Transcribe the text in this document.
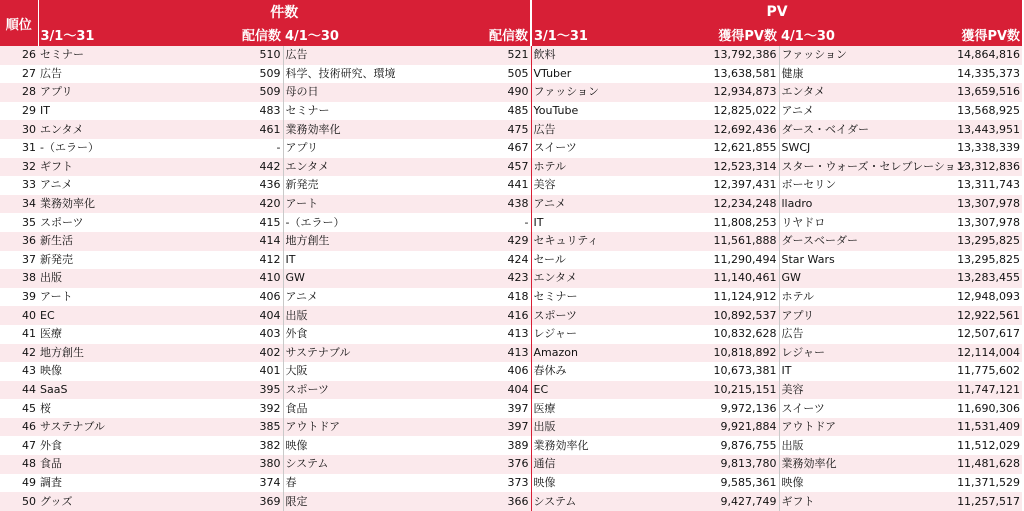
順位	件数				PV			
	3/1～31	配信数	4/1～30	配信数	3/1～31	獲得PV数	4/1～30	獲得PV数
26	セミナー	510	広告	521	飲料	13,792,386	ファッション	14,864,816
27	広告	509	科学、技術研究、環境	505	VTuber	13,638,581	健康	14,335,373
28	アプリ	509	母の日	490	ファッション	12,934,873	エンタメ	13,659,516
29	IT	483	セミナー	485	YouTube	12,825,022	アニメ	13,568,925
30	エンタメ	461	業務効率化	475	広告	12,692,436	ダース・ベイダー	13,443,951
31	-（エラー）	-	アプリ	467	スイーツ	12,621,855	SWCJ	13,338,339
32	ギフト	442	エンタメ	457	ホテル	12,523,314	スター・ウォーズ・セレブレーション	13,312,836
33	アニメ	436	新発売	441	美容	12,397,431	ボーセリン	13,311,743
34	業務効率化	420	アート	438	アニメ	12,234,248	lladro	13,307,978
35	スポーツ	415	-（エラー）	-	IT	11,808,253	リヤドロ	13,307,978
36	新生活	414	地方創生	429	セキュリティ	11,561,888	ダースベーダー	13,295,825
37	新発売	412	IT	424	セール	11,290,494	Star Wars	13,295,825
38	出版	410	GW	423	エンタメ	11,140,461	GW	13,283,455
39	アート	406	アニメ	418	セミナー	11,124,912	ホテル	12,948,093
40	EC	404	出版	416	スポーツ	10,892,537	アプリ	12,922,561
41	医療	403	外食	413	レジャー	10,832,628	広告	12,507,617
42	地方創生	402	サステナブル	413	Amazon	10,818,892	レジャー	12,114,004
43	映像	401	大阪	406	春休み	10,673,381	IT	11,775,602
44	SaaS	395	スポーツ	404	EC	10,215,151	美容	11,747,121
45	桜	392	食品	397	医療	9,972,136	スイーツ	11,690,306
46	サステナブル	385	アウトドア	397	出版	9,921,884	アウトドア	11,531,409
47	外食	382	映像	389	業務効率化	9,876,755	出版	11,512,029
48	食品	380	システム	376	通信	9,813,780	業務効率化	11,481,628
49	調査	374	春	373	映像	9,585,361	映像	11,371,529
50	グッズ	369	限定	366	システム	9,427,749	ギフト	11,257,517
